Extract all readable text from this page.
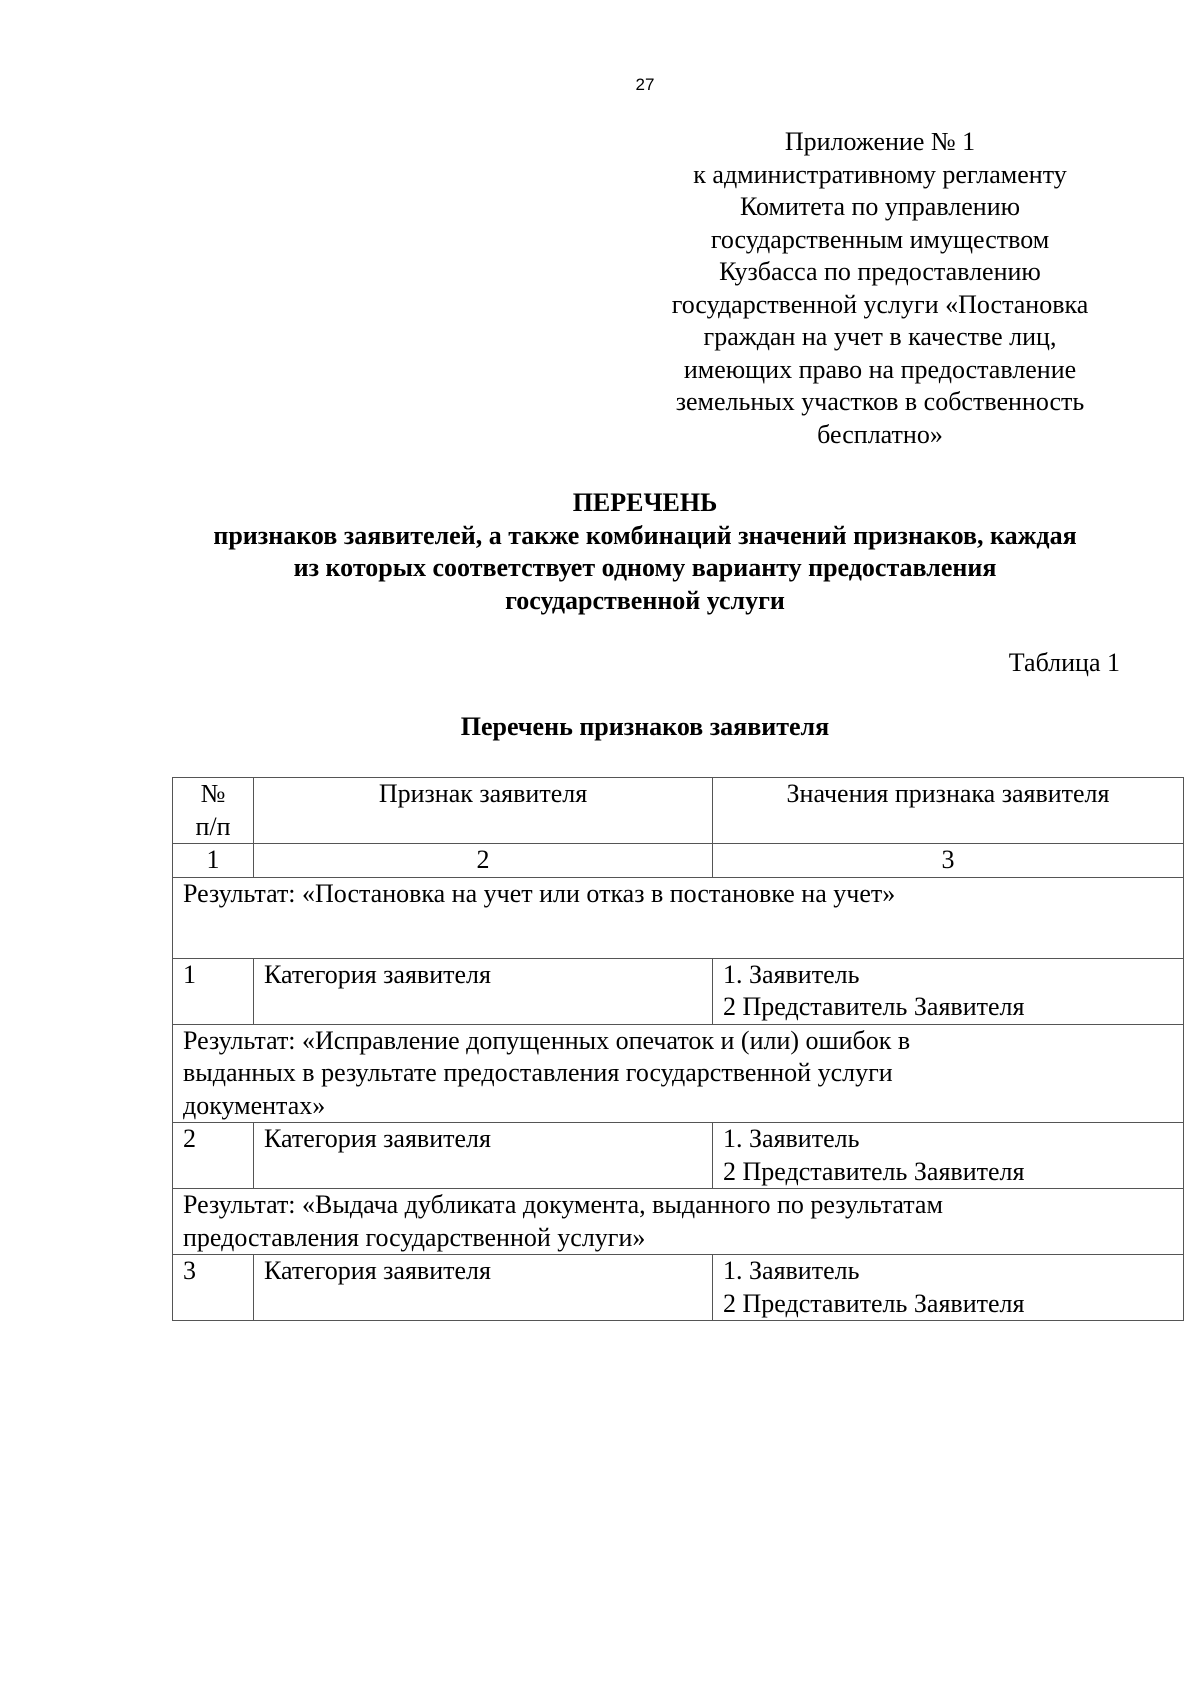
27
Приложение № 1
к административному регламенту
Комитета по управлению
государственным имуществом
Кузбасса по предоставлению
государственной услуги «Постановка
граждан на учет в качестве лиц,
имеющих право на предоставление
земельных участков в собственность
бесплатно»
ПЕРЕЧЕНЬ
признаков заявителей, а также комбинаций значений признаков, каждая
из которых соответствует одному варианту предоставления
государственной услуги
Таблица 1
Перечень признаков заявителя
№
п/п	Признак заявителя	Значения признака заявителя
1	2	3
Результат: «Постановка на учет или отказ в постановке на учет»		
1	Категория заявителя	1. Заявитель
2 Представитель Заявителя

Результат: «Исправление допущенных опечаток и (или) ошибок в
выданных в результате предоставления государственной услуги
документах»		

2	Категория заявителя	1. Заявитель
2 Представитель Заявителя

Результат: «Выдача дубликата документа, выданного по результатам
предоставления государственной услуги»		

3	Категория заявителя	1. Заявитель
2 Представитель Заявителя
